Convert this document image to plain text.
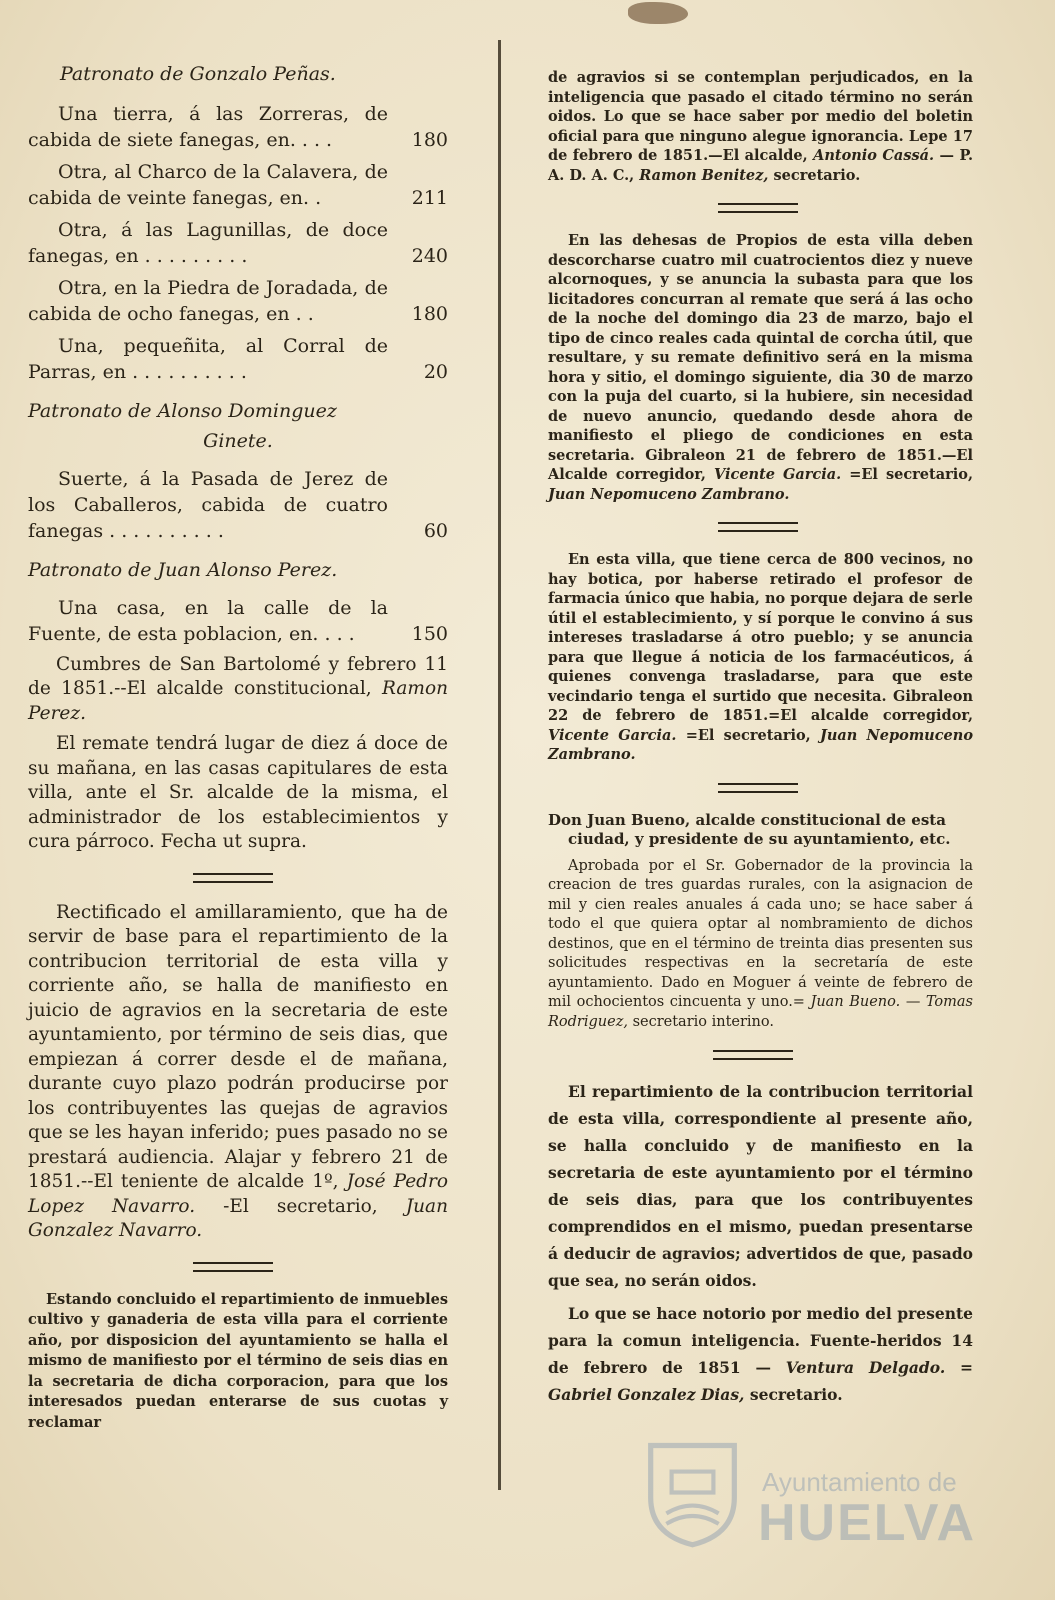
Patronato de Gonzalo Peñas.
Una tierra, á las Zorreras, de cabida de siete fanegas, en. . . .	180
Otra, al Charco de la Calavera, de cabida de veinte fanegas, en. .	211
Otra, á las Lagunillas, de doce fanegas, en . . . . . . . . .	240
Otra, en la Piedra de Joradada, de cabida de ocho fanegas, en . .	180
Una, pequeñita, al Corral de Parras, en . . . . . . . . . .	20
Patronato de Alonso Dominguez
Ginete.
Suerte, á la Pasada de Jerez de los Caballeros, cabida de cuatro fanegas . . . . . . . . . .	60
Patronato de Juan Alonso Perez.
Una casa, en la calle de la Fuente, de esta poblacion, en. . . .	150

Cumbres de San Bartolomé y febrero 11 de 1851.--El alcalde constitucional, Ramon Perez.

El remate tendrá lugar de diez á doce de su mañana, en las casas capitulares de esta villa, ante el Sr. alcalde de la misma, el administrador de los establecimientos y cura párroco. Fecha ut supra.

Rectificado el amillaramiento, que ha de servir de base para el repartimiento de la contribucion territorial de esta villa y corriente año, se halla de manifiesto en juicio de agravios en la secretaria de este ayuntamiento, por término de seis dias, que empiezan á correr desde el de mañana, durante cuyo plazo podrán producirse por los contribuyentes las quejas de agravios que se les hayan inferido; pues pasado no se prestará audiencia. Alajar y febrero 21 de 1851.--El teniente de alcalde 1º, José Pedro Lopez Navarro. -El secretario, Juan Gonzalez Navarro.

Estando concluido el repartimiento de inmuebles cultivo y ganaderia de esta villa para el corriente año, por disposicion del ayuntamiento se halla el mismo de manifiesto por el término de seis dias en la secretaria de dicha corporacion, para que los interesados puedan enterarse de sus cuotas y reclamar

de agravios si se contemplan perjudicados, en la inteligencia que pasado el citado término no serán oidos. Lo que se hace saber por medio del boletin oficial para que ninguno alegue ignorancia. Lepe 17 de febrero de 1851.—El alcalde, Antonio Cassá. — P. A. D. A. C., Ramon Benitez, secretario.

En las dehesas de Propios de esta villa deben descorcharse cuatro mil cuatrocientos diez y nueve alcornoques, y se anuncia la subasta para que los licitadores concurran al remate que será á las ocho de la noche del domingo dia 23 de marzo, bajo el tipo de cinco reales cada quintal de corcha útil, que resultare, y su remate definitivo será en la misma hora y sitio, el domingo siguiente, dia 30 de marzo con la puja del cuarto, si la hubiere, sin necesidad de nuevo anuncio, quedando desde ahora de manifiesto el pliego de condiciones en esta secretaria. Gibraleon 21 de febrero de 1851.—El Alcalde corregidor, Vicente Garcia. =El secretario, Juan Nepomuceno Zambrano.

En esta villa, que tiene cerca de 800 vecinos, no hay botica, por haberse retirado el profesor de farmacia único que habia, no porque dejara de serle útil el establecimiento, y sí porque le convino á sus intereses trasladarse á otro pueblo; y se anuncia para que llegue á noticia de los farmacéuticos, á quienes convenga trasladarse, para que este vecindario tenga el surtido que necesita. Gibraleon 22 de febrero de 1851.=El alcalde corregidor, Vicente Garcia. =El secretario, Juan Nepomuceno Zambrano.

Don Juan Bueno, alcalde constitucional de esta ciudad, y presidente de su ayuntamiento, etc.

Aprobada por el Sr. Gobernador de la provincia la creacion de tres guardas rurales, con la asignacion de mil y cien reales anuales á cada uno; se hace saber á todo el que quiera optar al nombramiento de dichos destinos, que en el término de treinta dias presenten sus solicitudes respectivas en la secretaría de este ayuntamiento. Dado en Moguer á veinte de febrero de mil ochocientos cincuenta y uno.= Juan Bueno. — Tomas Rodriguez, secretario interino.

El repartimiento de la contribucion territorial de esta villa, correspondiente al presente año, se halla concluido y de manifiesto en la secretaria de este ayuntamiento por el término de seis dias, para que los contribuyentes comprendidos en el mismo, puedan presentarse á deducir de agravios; advertidos de que, pasado que sea, no serán oidos.

Lo que se hace notorio por medio del presente para la comun inteligencia. Fuente-heridos 14 de febrero de 1851 — Ventura Delgado. = Gabriel Gonzalez Dias, secretario.

Ayuntamiento de
HUELVA
